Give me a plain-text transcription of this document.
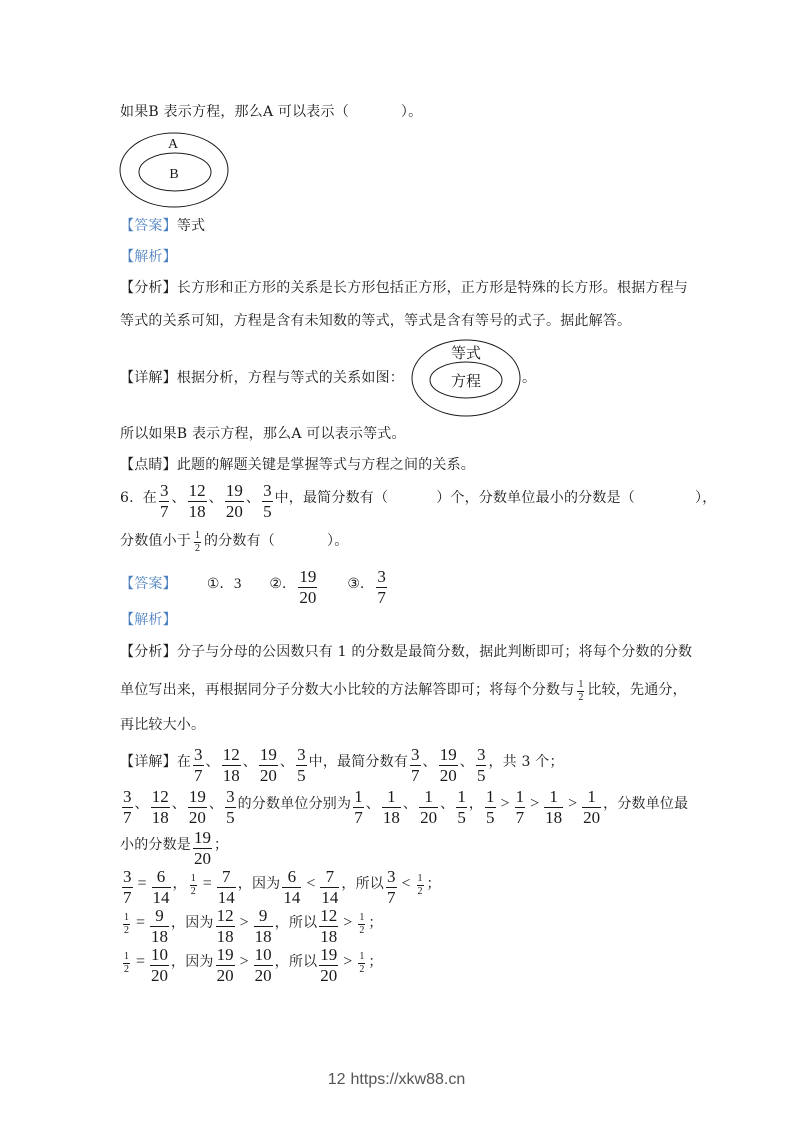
如果B 表示方程，那么A 可以表示（	）。
A
B
【答案】 等式
【解析】
【分析】 长方形和正方形的关系是长方形包括正方形，正方形是特殊的长方形。根据方程与
等式的关系可知，方程是含有未知数的等式，等式是含有等号的式子。据此解答。
【详解】 根据分析，方程与等式的关系如图：
等式
方程	。
所以如果B 表示方程，那么A 可以表示等式。
【点睛】 此题的解题关键是掌握等式与方程之间的关系。
6. 在 $\frac{3}{7}$ 、 $\frac{12}{18}$ 、 $\frac{19}{20}$ 、 $\frac{3}{5}$ 中，最简分数有（	）个，分数单位最小的分数是（	），
分数值小于 $\frac{1}{2}$ 的分数有（	）。
【答案】 ①. 3 ②. $\frac{19}{20}$ ③. $\frac{3}{7}$
【解析】
【分析】 分子与分母的公因数只有 1 的分数是最简分数，据此判断即可；将每个分数的分数
单位写出来，再根据同分子分数大小比较的方法解答即可；将每个分数与 $\frac{1}{2}$ 比较，先通分，
再比较大小。
【详解】 在 $\frac{3}{7}$ 、 $\frac{12}{18}$ 、 $\frac{19}{20}$ 、 $\frac{3}{5}$ 中，最简分数有 $\frac{3}{7}$ 、 $\frac{19}{20}$ 、 $\frac{3}{5}$ ，共 3 个；
$\frac{3}{7}$ 、 $\frac{12}{18}$ 、 $\frac{19}{20}$ 、 $\frac{3}{5}$ 的分数单位分别为 $\frac{1}{7}$ 、 $\frac{1}{18}$ 、 $\frac{1}{20}$ 、 $\frac{1}{5}$ ， $\frac{1}{5} > \frac{1}{7} > \frac{1}{18} > \frac{1}{20}$ ，分数单位最
小的分数是 $\frac{19}{20}$ ；
$\frac{3}{7} = \frac{6}{14}$ ， $\frac{1}{2} = \frac{7}{14}$ ，因为 $\frac{6}{14} < \frac{7}{14}$ ，所以 $\frac{3}{7} < \frac{1}{2}$ ；
$\frac{1}{2} = \frac{9}{18}$ ，因为 $\frac{12}{18} > \frac{9}{18}$ ，所以 $\frac{12}{18} > \frac{1}{2}$ ；
$\frac{1}{2} = \frac{10}{20}$ ，因为 $\frac{19}{20} > \frac{10}{20}$ ，所以 $\frac{19}{20} > \frac{1}{2}$ ；
12 https://xkw88.cn
